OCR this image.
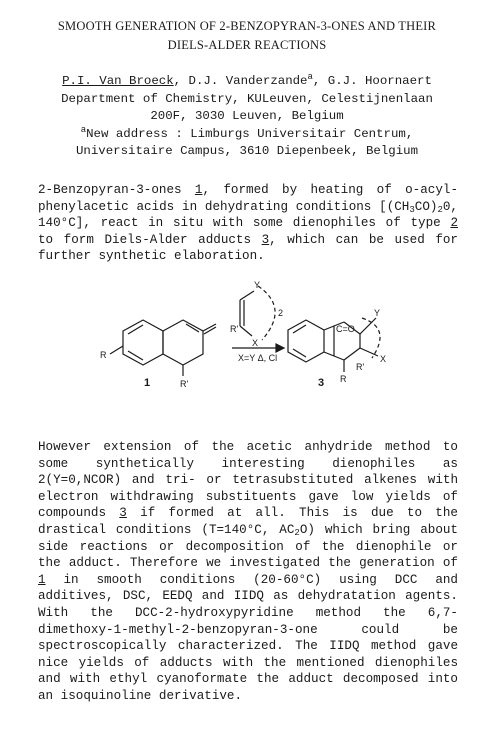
SMOOTH GENERATION OF 2-BENZOPYRAN-3-ONES AND THEIR
DIELS-ALDER REACTIONS
P.I. Van Broeck, D.J. Vanderzande$^a$, G.J. Hoornaert
Department of Chemistry, KULeuven, Celestijnenlaan
200F, 3030 Leuven, Belgium
$^a$New address : Limburgs Universitair Centrum,
Universitaire Campus, 3610 Diepenbeek, Belgium
2-Benzopyran-3-ones 1, formed by heating of o-acyl-phenylacetic acids in dehydrating conditions [$(CH_3CO)_20$, 140°C], react in situ with some dienophiles of type 2 to form Diels-Alder adducts 3, which can be used for further synthetic elaboration.
R
R'
1
Y
X
R'
2
X=Y Δ, Cl
3
C=O
Y
X
R
R'
However extension of the acetic anhydride method to some synthetically interesting dienophiles as 2(Y=0,NCOR) and tri- or tetrasubstituted alkenes with electron withdrawing substituents gave low yields of compounds 3 if formed at all. This is due to the drastical conditions (T=140°C, $AC_2O$) which bring about side reactions or decomposition of the dienophile or the adduct. Therefore we investigated the generation of 1 in smooth conditions (20-60°C) using DCC and additives, DSC, EEDQ and IIDQ as dehydratation agents. With the DCC-2-hydroxypyridine method the 6,7-dimethoxy-1-methyl-2-benzopyran-3-one could be spectroscopically characterized. The IIDQ method gave nice yields of adducts with the mentioned dienophiles and with ethyl cyanoformate the adduct decomposed into an isoquinoline derivative.
